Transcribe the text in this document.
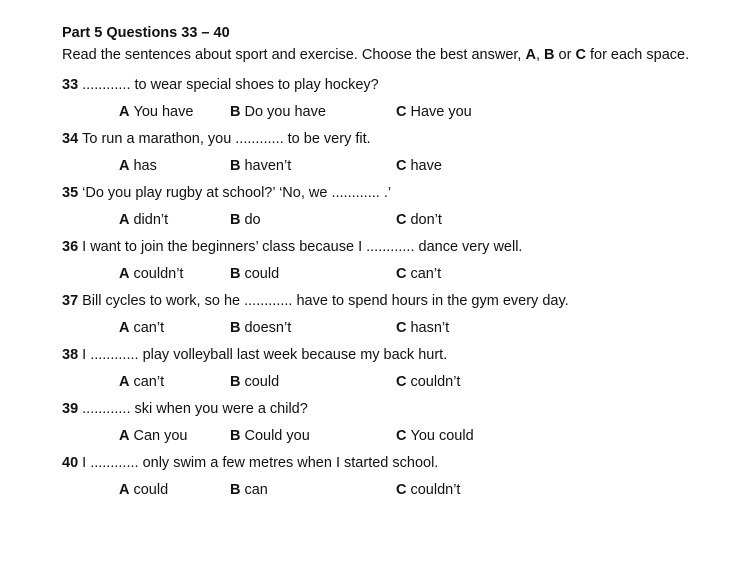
Part 5 Questions 33 – 40
Read the sentences about sport and exercise. Choose the best answer, A, B or C for each space.
33 ............ to wear special shoes to play hockey?
A You have	B Do you have	C Have you
34 To run a marathon, you ............ to be very fit.
A has	B haven’t	C have
35 ‘Do you play rugby at school?’ ‘No, we ............ .’
A didn’t	B do	C don’t
36 I want to join the beginners’ class because I ............ dance very well.
A couldn’t	B could	C can’t
37 Bill cycles to work, so he ............ have to spend hours in the gym every day.
A can’t	B doesn’t	C hasn’t
38 I ............ play volleyball last week because my back hurt.
A can’t	B could	C couldn’t
39 ............ ski when you were a child?
A Can you	B Could you	C You could
40 I ............ only swim a few metres when I started school.
A could	B can	C couldn’t
